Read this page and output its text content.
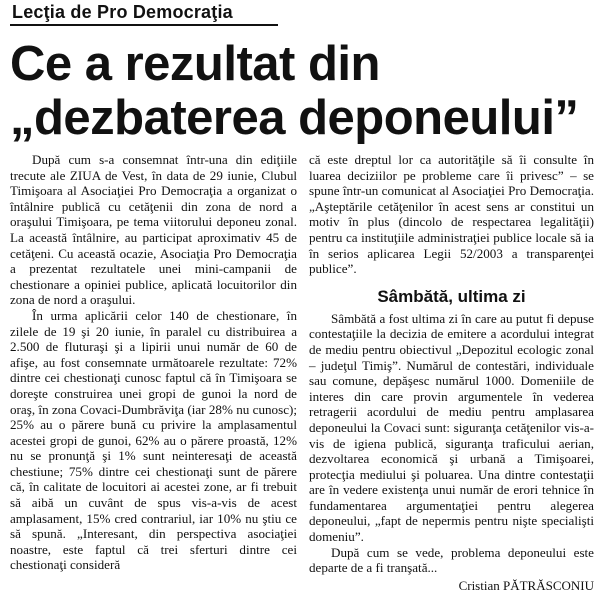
Lecţia de Pro Democraţia
Ce a rezultat din
„dezbaterea deponeului”

După cum s-a consemnat într-una din ediţiile trecute ale ZIUA de Vest, în data de 29 iunie, Clubul Timişoara al Asociaţiei Pro Democraţia a organizat o întâlnire publică cu cetăţenii din zona de nord a oraşului Timişoara, pe tema viitorului deponeu zonal. La această întâlnire, au participat aproximativ 45 de cetăţeni. Cu această ocazie, Asociaţia Pro Democraţia a prezentat rezultatele unei mini-campanii de chestionare a opiniei publice, aplicată locuitorilor din zona de nord a oraşului.

În urma aplicării celor 140 de chestionare, în zilele de 19 şi 20 iunie, în paralel cu distribuirea a 2.500 de fluturaşi şi a lipirii unui număr de 60 de afişe, au fost consemnate următoarele rezultate: 72% dintre cei chestionaţi cunosc faptul că în Timişoara se doreşte construirea unei gropi de gunoi la nord de oraş, în zona Covaci-Dumbrăviţa (iar 28% nu cunosc); 25% au o părere bună cu privire la amplasamentul acestei gropi de gunoi, 62% au o părere proastă, 12% nu se pronunţă şi 1% sunt neinteresaţi de această chestiune; 75% dintre cei chestionaţi sunt de părere că, în calitate de locuitori ai acestei zone, ar fi trebuit să aibă un cuvânt de spus vis-a-vis de acest amplasament, 15% cred contrariul, iar 10% nu ştiu ce să spună. „Interesant, din perspectiva asociaţiei noastre, este faptul că trei sferturi dintre cei chestionaţi consideră

că este dreptul lor ca autorităţile să îi consulte în luarea deciziilor pe probleme care îi privesc” – se spune într-un comunicat al Asociaţiei Pro Democraţia. „Aşteptările cetăţenilor în acest sens ar constitui un motiv în plus (dincolo de respectarea legalităţii) pentru ca instituţiile administraţiei publice locale să ia în serios aplicarea Legii 52/2003 a transparenţei publice”.

Sâmbătă, ultima zi

Sâmbătă a fost ultima zi în care au putut fi depuse contestaţiile la decizia de emitere a acordului integrat de mediu pentru obiectivul „Depozitul ecologic zonal – judeţul Timiş”. Numărul de contestări, individuale sau comune, depăşesc numărul 1000. Domeniile de interes din care provin argumentele în vederea retragerii acordului de mediu pentru amplasarea deponeului la Covaci sunt: siguranţa cetăţenilor vis-a-vis de igiena publică, siguranţa traficului aerian, dezvoltarea economică şi urbană a Timişoarei, protecţia mediului şi poluarea. Una dintre contestaţii are în vedere existenţa unui număr de erori tehnice în fundamentarea argumentaţiei pentru alegerea deponeului, „fapt de nepermis pentru nişte specialişti domeniu”.

După cum se vede, problema deponeului este departe de a fi tranşată...

Cristian PĂTRĂSCONIU
